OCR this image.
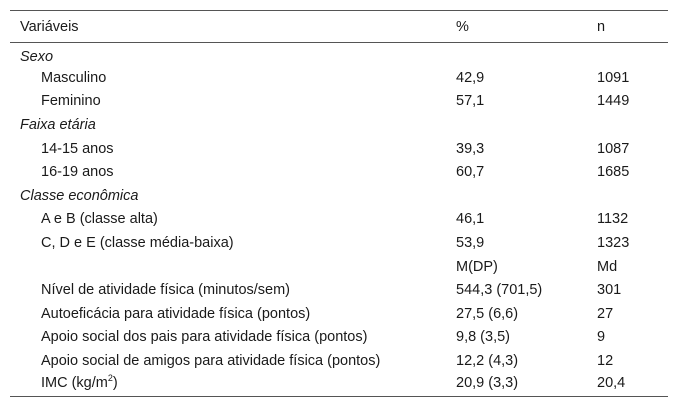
Variáveis	%	n
Sexo		
Masculino	42,9	1091
Feminino	57,1	1449
Faixa etária		
14-15 anos	39,3	1087
16-19 anos	60,7	1685
Classe econômica		
A e B (classe alta)	46,1	1132
C, D e E (classe média-baixa)	53,9	1323
	M(DP)	Md
Nível de atividade física (minutos/sem)	544,3 (701,5)	301
Autoeficácia para atividade física (pontos)	27,5 (6,6)	27
Apoio social dos pais para atividade física (pontos)	9,8 (3,5)	9
Apoio social de amigos para atividade física (pontos)	12,2 (4,3)	12
IMC $(kg/m^2)$	20,9 (3,3)	20,4
